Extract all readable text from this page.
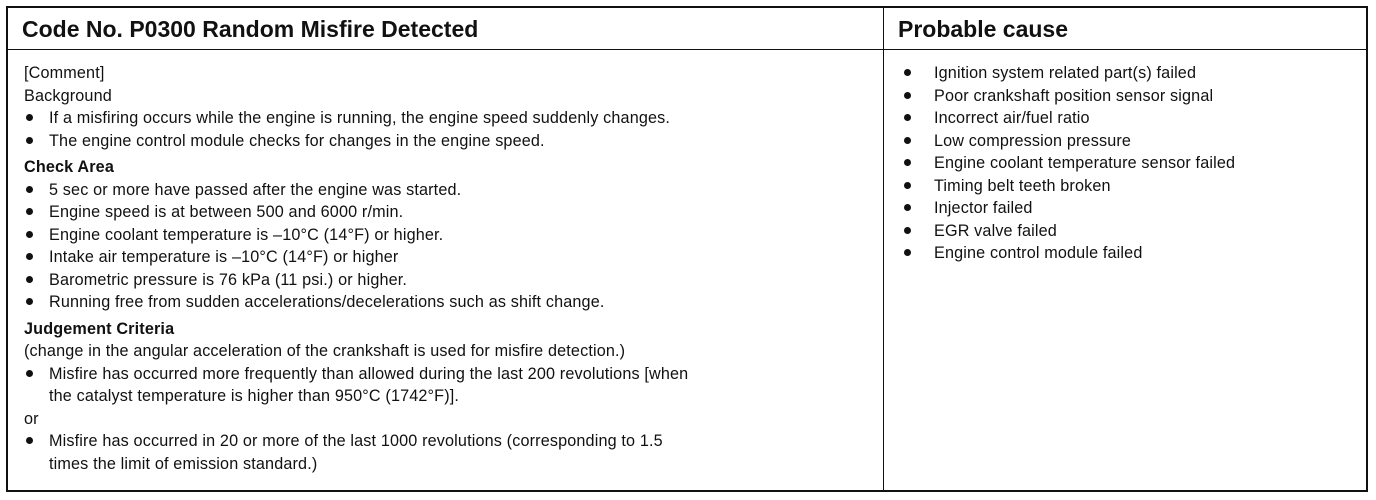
Code No. P0300 Random Misfire Detected
[Comment]
Background
If a misfiring occurs while the engine is running, the engine speed suddenly changes.
The engine control module checks for changes in the engine speed.
Check Area
5 sec or more have passed after the engine was started.
Engine speed is at between 500 and 6000 r/min.
Engine coolant temperature is –10°C (14°F) or higher.
Intake air temperature is –10°C (14°F) or higher
Barometric pressure is 76 kPa (11 psi.) or higher.
Running free from sudden accelerations/decelerations such as shift change.
Judgement Criteria
(change in the angular acceleration of the crankshaft is used for misfire detection.)
Misfire has occurred more frequently than allowed during the last 200 revolutions [when
the catalyst temperature is higher than 950°C (1742°F)].
or
Misfire has occurred in 20 or more of the last 1000 revolutions (corresponding to 1.5
times the limit of emission standard.)
Probable cause
Ignition system related part(s) failed
Poor crankshaft position sensor signal
Incorrect air/fuel ratio
Low compression pressure
Engine coolant temperature sensor failed
Timing belt teeth broken
Injector failed
EGR valve failed
Engine control module failed
